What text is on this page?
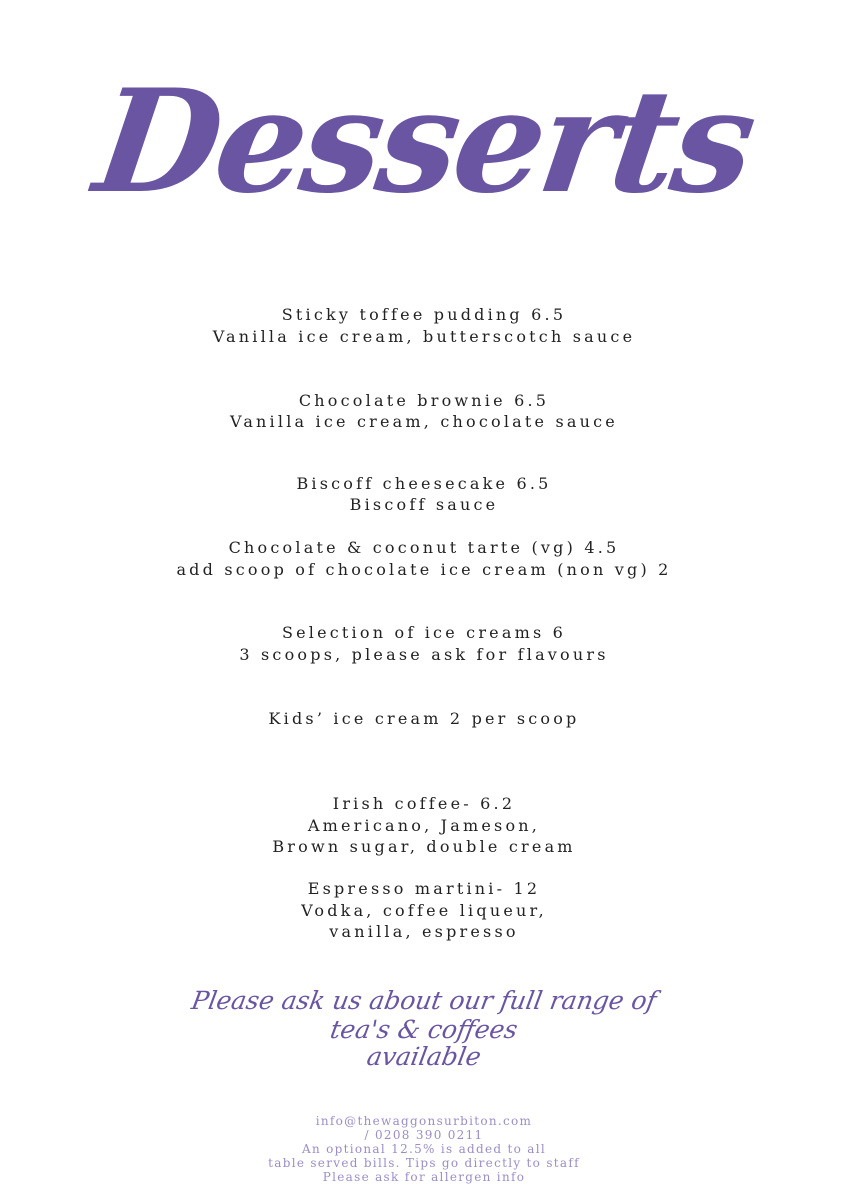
Desserts
Sticky toffee pudding 6.5
Vanilla ice cream, butterscotch sauce
Chocolate brownie 6.5
Vanilla ice cream, chocolate sauce
Biscoff cheesecake 6.5
Biscoff sauce
Chocolate & coconut tarte (vg) 4.5
add scoop of chocolate ice cream (non vg) 2
Selection of ice creams 6
3 scoops, please ask for flavours
Kids’ ice cream 2 per scoop
Irish coffee- 6.2
Americano, Jameson,
Brown sugar, double cream
Espresso martini- 12
Vodka, coffee liqueur,
vanilla, espresso
Please ask us about our full range of
tea's & coffees
available
info@thewaggonsurbiton.com
/ 0208 390 0211
An optional 12.5% is added to all
table served bills. Tips go directly to staff
Please ask for allergen info
